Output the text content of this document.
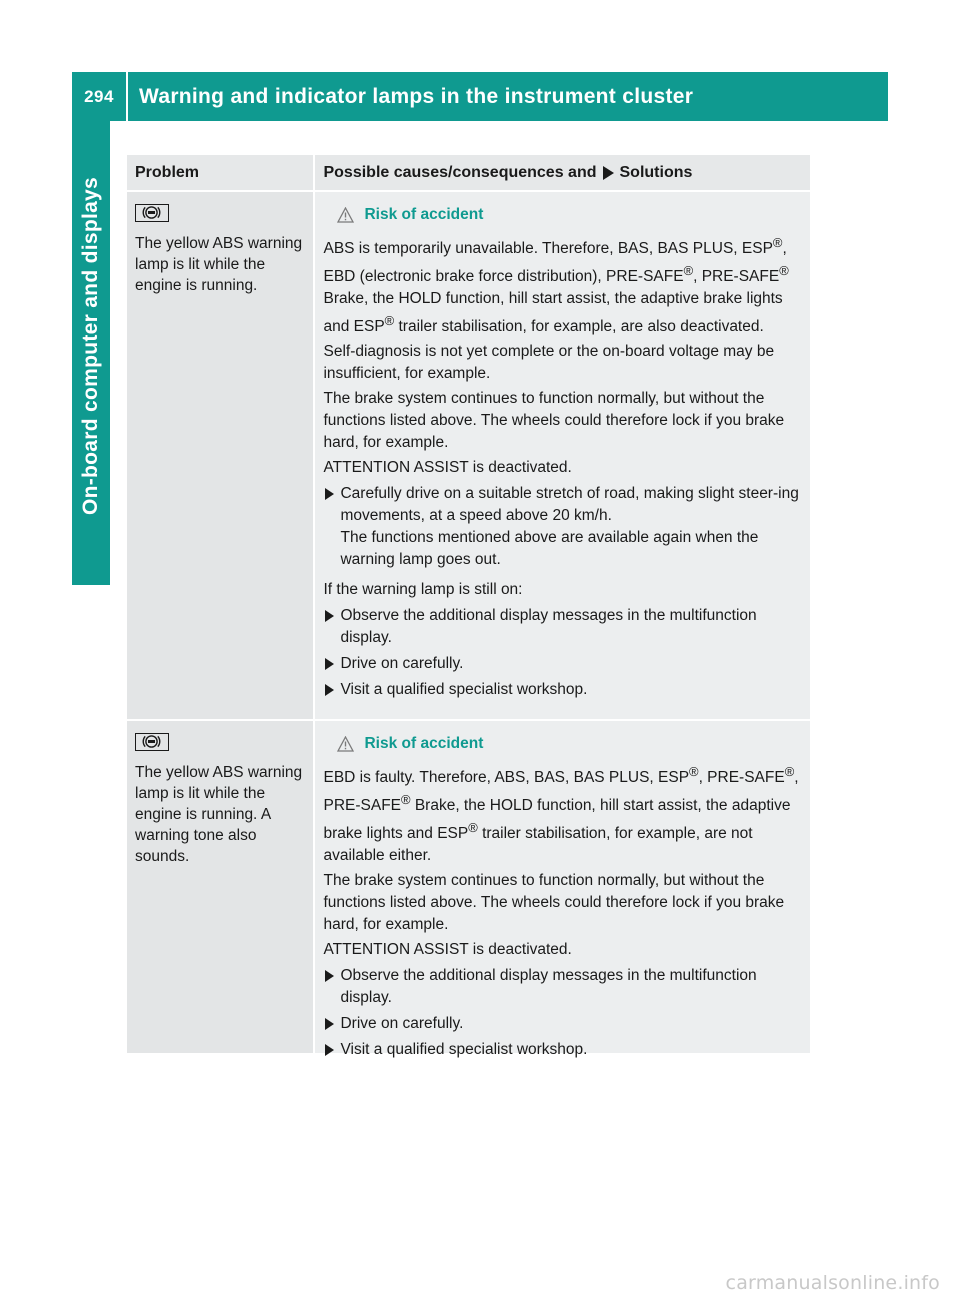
294	Warning and indicator lamps in the instrument cluster
On-board computer and displays
Problem	Possible causes/consequences and Solutions
The yellow ABS warning lamp is lit while the engine is running.
Risk of accident

ABS is temporarily unavailable. Therefore, BAS, BAS PLUS, ESP®, EBD (electronic brake force distribution), PRE-SAFE®, PRE-SAFE® Brake, the HOLD function, hill start assist, the adaptive brake lights and ESP® trailer stabilisation, for example, are also deactivated.

Self-diagnosis is not yet complete or the on-board voltage may be insufficient, for example.

The brake system continues to function normally, but without the functions listed above. The wheels could therefore lock if you brake hard, for example.

ATTENTION ASSIST is deactivated.

Carefully drive on a suitable stretch of road, making slight steer-ing movements, at a speed above 20 km/h.
The functions mentioned above are available again when the warning lamp goes out.

If the warning lamp is still on:

Observe the additional display messages in the multifunction display.
Drive on carefully.
Visit a qualified specialist workshop.
The yellow ABS warning lamp is lit while the engine is running. A warning tone also sounds.
Risk of accident

EBD is faulty. Therefore, ABS, BAS, BAS PLUS, ESP®, PRE-SAFE®, PRE-SAFE® Brake, the HOLD function, hill start assist, the adaptive brake lights and ESP® trailer stabilisation, for example, are not available either.

The brake system continues to function normally, but without the functions listed above. The wheels could therefore lock if you brake hard, for example.

ATTENTION ASSIST is deactivated.

Observe the additional display messages in the multifunction display.
Drive on carefully.
Visit a qualified specialist workshop.
carmanualsonline.info
